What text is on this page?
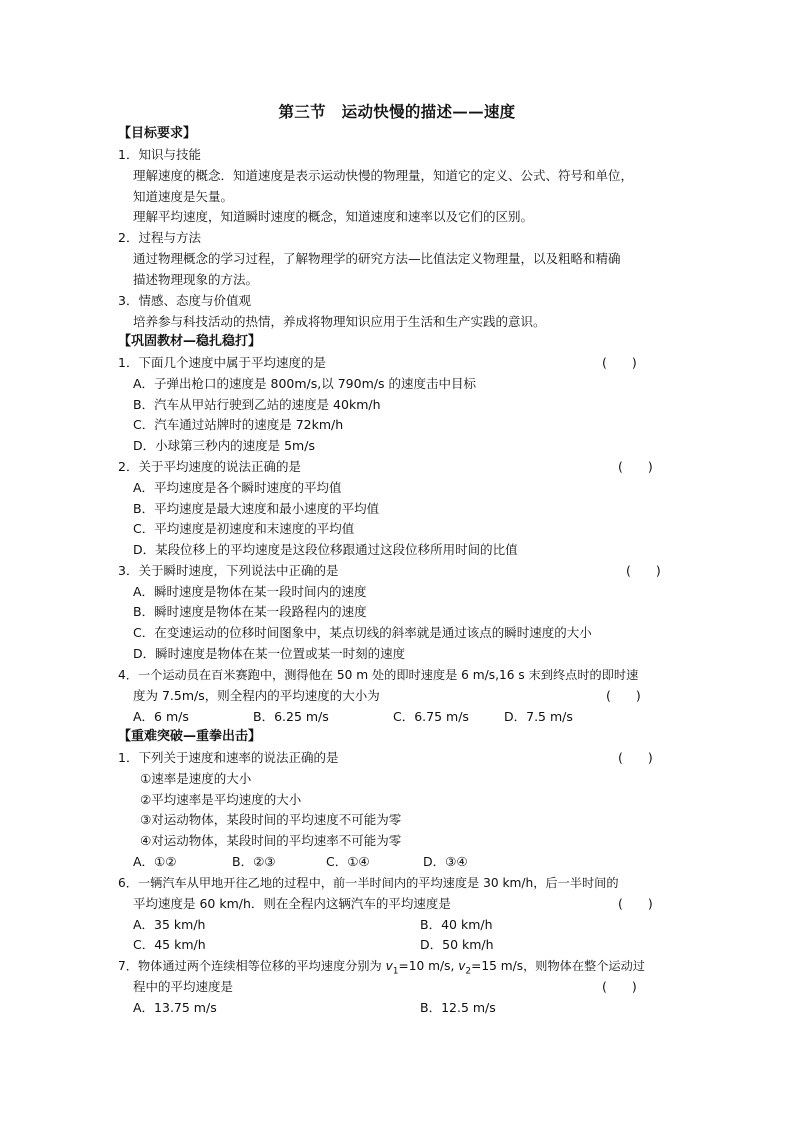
第三节　运动快慢的描述——速度
【目标要求】
1．知识与技能
理解速度的概念．知道速度是表示运动快慢的物理量，知道它的定义、公式、符号和单位，
知道速度是矢量。
理解平均速度，知道瞬时速度的概念，知道速度和速率以及它们的区别。
2．过程与方法
通过物理概念的学习过程，了解物理学的研究方法—比值法定义物理量，以及粗略和精确
描述物理现象的方法。
3．情感、态度与价值观
培养参与科技活动的热情，养成将物理知识应用于生活和生产实践的意识。
【巩固教材—稳扎稳打】
1．下面几个速度中属于平均速度的是	(　　)
A．子弹出枪口的速度是 800m/s,以 790m/s 的速度击中目标
B．汽车从甲站行驶到乙站的速度是 40km/h
C．汽车通过站牌时的速度是 72km/h
D．小球第三秒内的速度是 5m/s
2．关于平均速度的说法正确的是	(　　)
A．平均速度是各个瞬时速度的平均值
B．平均速度是最大速度和最小速度的平均值
C．平均速度是初速度和末速度的平均值
D．某段位移上的平均速度是这段位移跟通过这段位移所用时间的比值
3．关于瞬时速度，下列说法中正确的是	(　　)
A．瞬时速度是物体在某一段时间内的速度
B．瞬时速度是物体在某一段路程内的速度
C．在变速运动的位移时间图象中，某点切线的斜率就是通过该点的瞬时速度的大小
D．瞬时速度是物体在某一位置或某一时刻的速度
4．一个运动员在百米赛跑中，测得他在 50 m 处的即时速度是 6 m/s,16 s 末到终点时的即时速
度为 7.5m/s，则全程内的平均速度的大小为	(　　)
A．6 m/s	B．6.25 m/s	C．6.75 m/s	D．7.5 m/s
【重难突破—重拳出击】
1．下列关于速度和速率的说法正确的是	(　　)
①速率是速度的大小
②平均速率是平均速度的大小
③对运动物体，某段时间的平均速度不可能为零
④对运动物体，某段时间的平均速率不可能为零
A．①②	B．②③	C．①④	D．③④
6．一辆汽车从甲地开往乙地的过程中，前一半时间内的平均速度是 30 km/h，后一半时间的
平均速度是 60 km/h．则在全程内这辆汽车的平均速度是	(　　)
A．35 km/h	B．40 km/h
C．45 km/h	D．50 km/h
7．物体通过两个连续相等位移的平均速度分别为 $v_1=10$ m/s, $v_2=15$ m/s，则物体在整个运动过
程中的平均速度是	(　　)
A．13.75 m/s	B．12.5 m/s
